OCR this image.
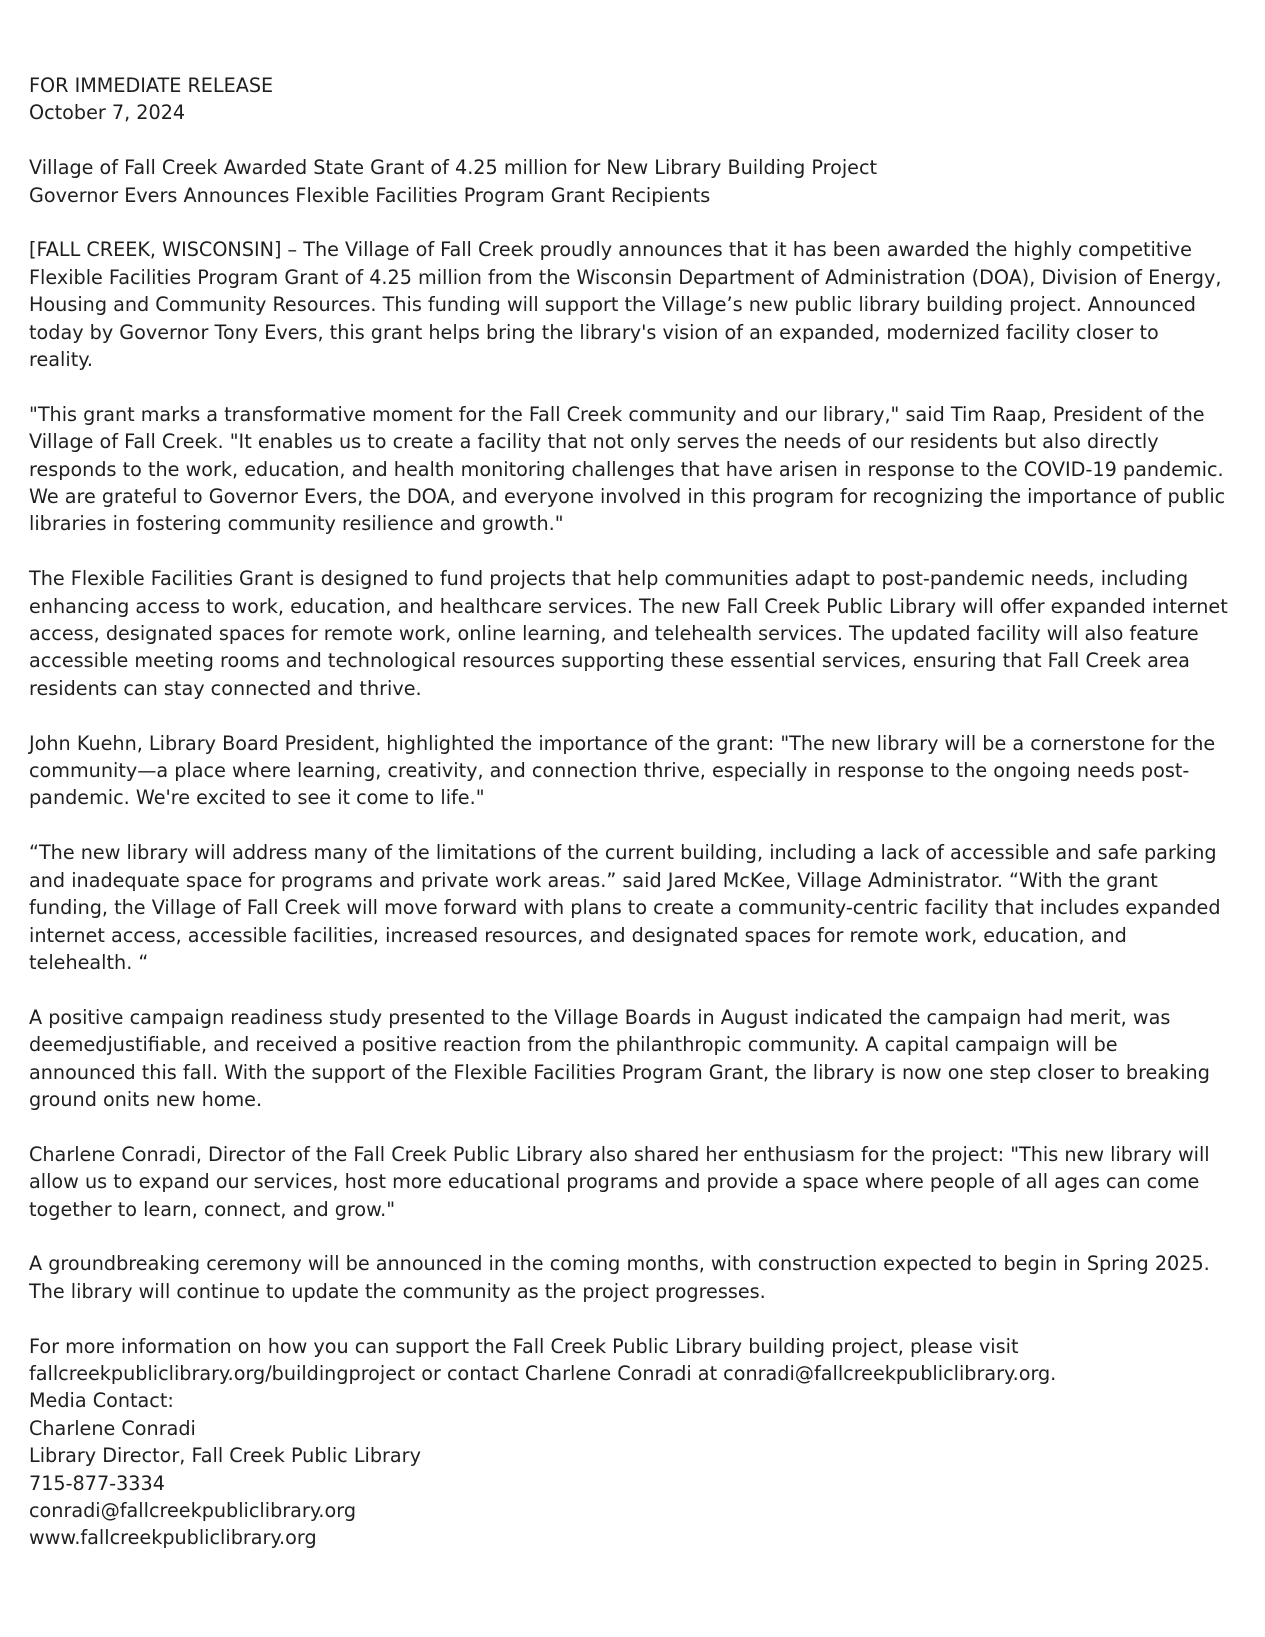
FOR IMMEDIATE RELEASE
October 7, 2024
Village of Fall Creek Awarded State Grant of 4.25 million for New Library Building Project
Governor Evers Announces Flexible Facilities Program Grant Recipients
[FALL CREEK, WISCONSIN] – The Village of Fall Creek proudly announces that it has been awarded the highly competitive
Flexible Facilities Program Grant of 4.25 million from the Wisconsin Department of Administration (DOA), Division of Energy,
Housing and Community Resources. This funding will support the Village’s new public library building project. Announced
today by Governor Tony Evers, this grant helps bring the library's vision of an expanded, modernized facility closer to
reality.
"This grant marks a transformative moment for the Fall Creek community and our library," said Tim Raap, President of the
Village of Fall Creek. "It enables us to create a facility that not only serves the needs of our residents but also directly
responds to the work, education, and health monitoring challenges that have arisen in response to the COVID-19 pandemic.
We are grateful to Governor Evers, the DOA, and everyone involved in this program for recognizing the importance of public
libraries in fostering community resilience and growth."
The Flexible Facilities Grant is designed to fund projects that help communities adapt to post-pandemic needs, including
enhancing access to work, education, and healthcare services. The new Fall Creek Public Library will offer expanded internet
access, designated spaces for remote work, online learning, and telehealth services. The updated facility will also feature
accessible meeting rooms and technological resources supporting these essential services, ensuring that Fall Creek area
residents can stay connected and thrive.
John Kuehn, Library Board President, highlighted the importance of the grant: "The new library will be a cornerstone for the
community—a place where learning, creativity, and connection thrive, especially in response to the ongoing needs post-
pandemic. We're excited to see it come to life."
“The new library will address many of the limitations of the current building, including a lack of accessible and safe parking
and inadequate space for programs and private work areas.” said Jared McKee, Village Administrator. “With the grant
funding, the Village of Fall Creek will move forward with plans to create a community-centric facility that includes expanded
internet access, accessible facilities, increased resources, and designated spaces for remote work, education, and
telehealth. “
A positive campaign readiness study presented to the Village Boards in August indicated the campaign had merit, was
deemedjustifiable, and received a positive reaction from the philanthropic community. A capital campaign will be
announced this fall. With the support of the Flexible Facilities Program Grant, the library is now one step closer to breaking
ground onits new home.
Charlene Conradi, Director of the Fall Creek Public Library also shared her enthusiasm for the project: "This new library will
allow us to expand our services, host more educational programs and provide a space where people of all ages can come
together to learn, connect, and grow."
A groundbreaking ceremony will be announced in the coming months, with construction expected to begin in Spring 2025.
The library will continue to update the community as the project progresses.
For more information on how you can support the Fall Creek Public Library building project, please visit
fallcreekpubliclibrary.org/buildingproject or contact Charlene Conradi at conradi@fallcreekpubliclibrary.org.
Media Contact:
Charlene Conradi
Library Director, Fall Creek Public Library
715-877-3334
conradi@fallcreekpubliclibrary.org
www.fallcreekpubliclibrary.org
